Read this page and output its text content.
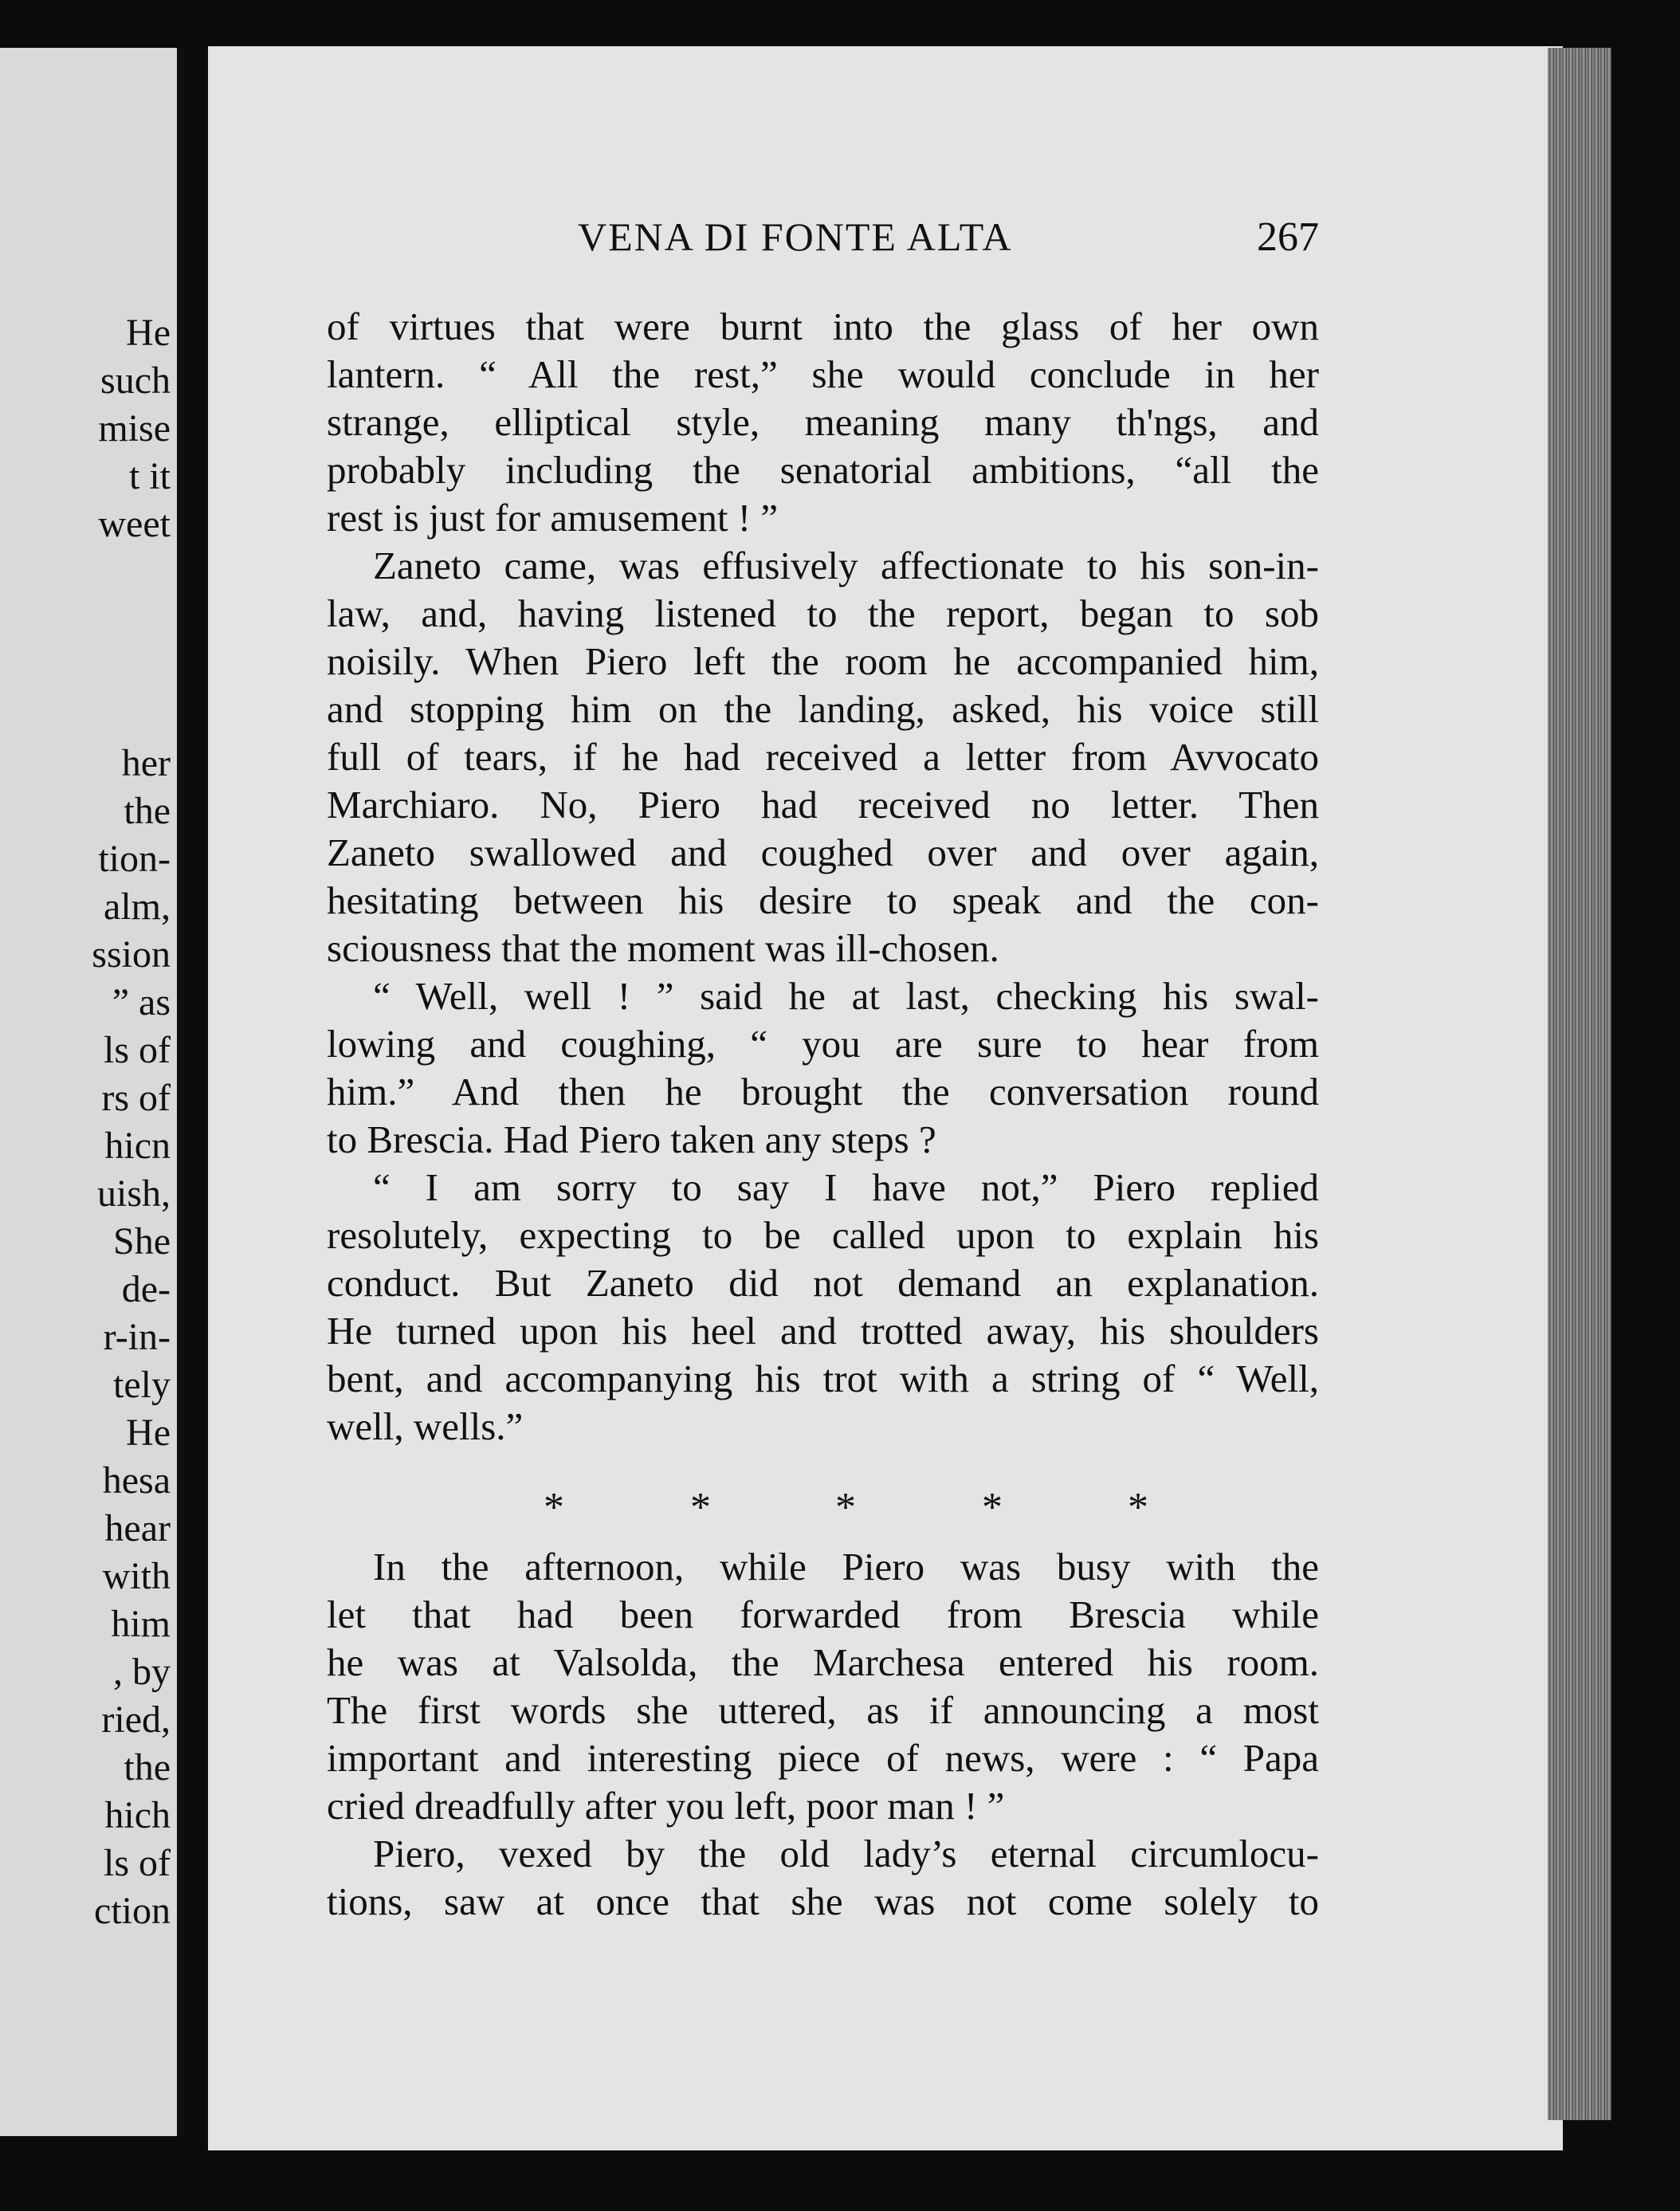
He
such
mise
t it
weet
her
the
tion-
alm,
ssion
” as
ls of
rs of
hicn
uish,
She
de-
r-in-
tely
He
hesa
hear
with
him
, by
ried,
the
hich
ls of
ction
VENA DI FONTE ALTA	267
of virtues that were burnt into the glass of her own
lantern. “ All the rest,” she would conclude in her
strange, elliptical style, meaning many th'ngs, and
probably including the senatorial ambitions, “all the
rest is just for amusement ! ”
Zaneto came, was effusively affectionate to his son-in-
law, and, having listened to the report, began to sob
noisily. When Piero left the room he accompanied him,
and stopping him on the landing, asked, his voice still
full of tears, if he had received a letter from Avvocato
Marchiaro. No, Piero had received no letter. Then
Zaneto swallowed and coughed over and over again,
hesitating between his desire to speak and the con-
sciousness that the moment was ill-chosen.
“ Well, well ! ” said he at last, checking his swal-
lowing and coughing, “ you are sure to hear from
him.” And then he brought the conversation round
to Brescia. Had Piero taken any steps ?
“ I am sorry to say I have not,” Piero replied
resolutely, expecting to be called upon to explain his
conduct. But Zaneto did not demand an explanation.
He turned upon his heel and trotted away, his shoulders
bent, and accompanying his trot with a string of “ Well,
well, wells.”
*	*	*	*	*
In the afternoon, while Piero was busy with the
let that had been forwarded from Brescia while
he was at Valsolda, the Marchesa entered his room.
The first words she uttered, as if announcing a most
important and interesting piece of news, were : “ Papa
cried dreadfully after you left, poor man ! ”
Piero, vexed by the old lady’s eternal circumlocu-
tions, saw at once that she was not come solely to
